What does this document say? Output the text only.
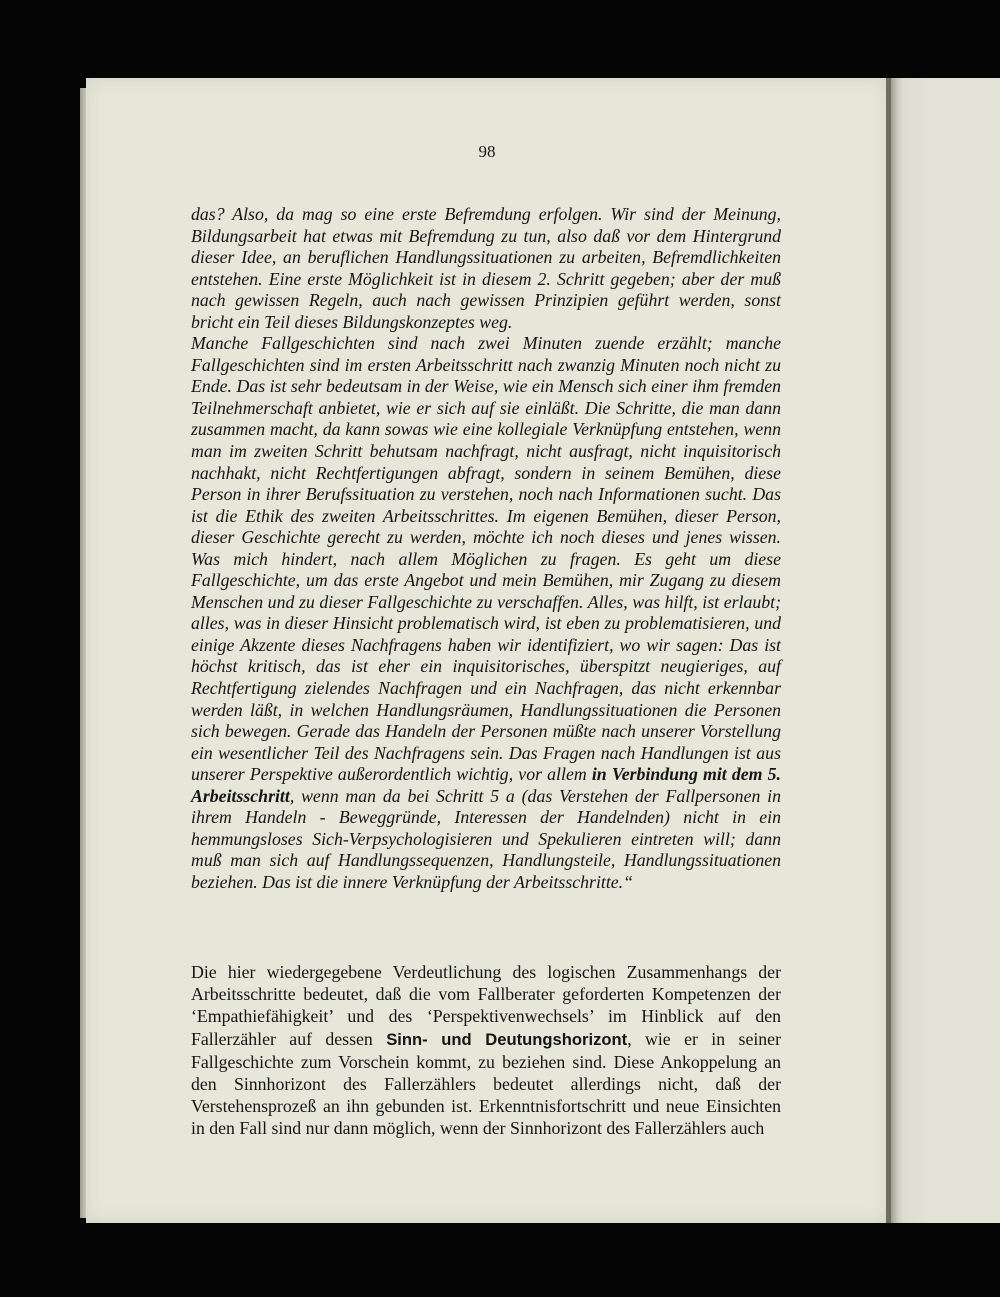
98

das? Also, da mag so eine erste Befremdung erfolgen. Wir sind der Meinung, Bildungsarbeit hat etwas mit Befremdung zu tun, also daß vor dem Hintergrund dieser Idee, an beruflichen Handlungssituationen zu arbeiten, Befremdlichkeiten entstehen. Eine erste Möglichkeit ist in diesem 2. Schritt gegeben; aber der muß nach gewissen Regeln, auch nach gewissen Prinzipien geführt werden, sonst bricht ein Teil dieses Bildungskonzeptes weg.

Manche Fallgeschichten sind nach zwei Minuten zuende erzählt; manche Fallgeschichten sind im ersten Arbeitsschritt nach zwanzig Minuten noch nicht zu Ende. Das ist sehr bedeutsam in der Weise, wie ein Mensch sich einer ihm fremden Teilnehmerschaft anbietet, wie er sich auf sie einläßt. Die Schritte, die man dann zusammen macht, da kann sowas wie eine kollegiale Verknüpfung entstehen, wenn man im zweiten Schritt behutsam nachfragt, nicht ausfragt, nicht inquisitorisch nachhakt, nicht Rechtfertigungen abfragt, sondern in seinem Bemühen, diese Person in ihrer Berufssituation zu verstehen, noch nach Informationen sucht. Das ist die Ethik des zweiten Arbeitsschrittes. Im eigenen Bemühen, dieser Person, dieser Geschichte gerecht zu werden, möchte ich noch dieses und jenes wissen. Was mich hindert, nach allem Möglichen zu fragen. Es geht um diese Fallgeschichte, um das erste Angebot und mein Bemühen, mir Zugang zu diesem Menschen und zu dieser Fallgeschichte zu verschaffen. Alles, was hilft, ist erlaubt; alles, was in dieser Hinsicht problematisch wird, ist eben zu problematisieren, und einige Akzente dieses Nachfragens haben wir identifiziert, wo wir sagen: Das ist höchst kritisch, das ist eher ein inquisitorisches, überspitzt neugieriges, auf Rechtfertigung zielendes Nachfragen und ein Nachfragen, das nicht erkennbar werden läßt, in welchen Handlungsräumen, Handlungssituationen die Personen sich bewegen. Gerade das Handeln der Personen müßte nach unserer Vorstellung ein wesentlicher Teil des Nachfragens sein. Das Fragen nach Handlungen ist aus unserer Perspektive außerordentlich wichtig, vor allem in Verbindung mit dem 5. Arbeitsschritt, wenn man da bei Schritt 5 a (das Verstehen der Fallpersonen in ihrem Handeln - Beweggründe, Interessen der Handelnden) nicht in ein hemmungsloses Sich-Verpsychologisieren und Spekulieren eintreten will; dann muß man sich auf Handlungssequenzen, Handlungsteile, Handlungssituationen beziehen. Das ist die innere Verknüpfung der Arbeitsschritte.“

Die hier wiedergegebene Verdeutlichung des logischen Zusammenhangs der Arbeitsschritte bedeutet, daß die vom Fallberater geforderten Kompetenzen der ‘Empathiefähigkeit’ und des ‘Perspektivenwechsels’ im Hinblick auf den Fallerzähler auf dessen Sinn- und Deutungshorizont, wie er in seiner Fallgeschichte zum Vorschein kommt, zu beziehen sind. Diese Ankoppelung an den Sinnhorizont des Fallerzählers bedeutet allerdings nicht, daß der Verstehensprozeß an ihn gebunden ist. Erkenntnisfortschritt und neue Einsichten in den Fall sind nur dann möglich, wenn der Sinnhorizont des Fallerzählers auch
